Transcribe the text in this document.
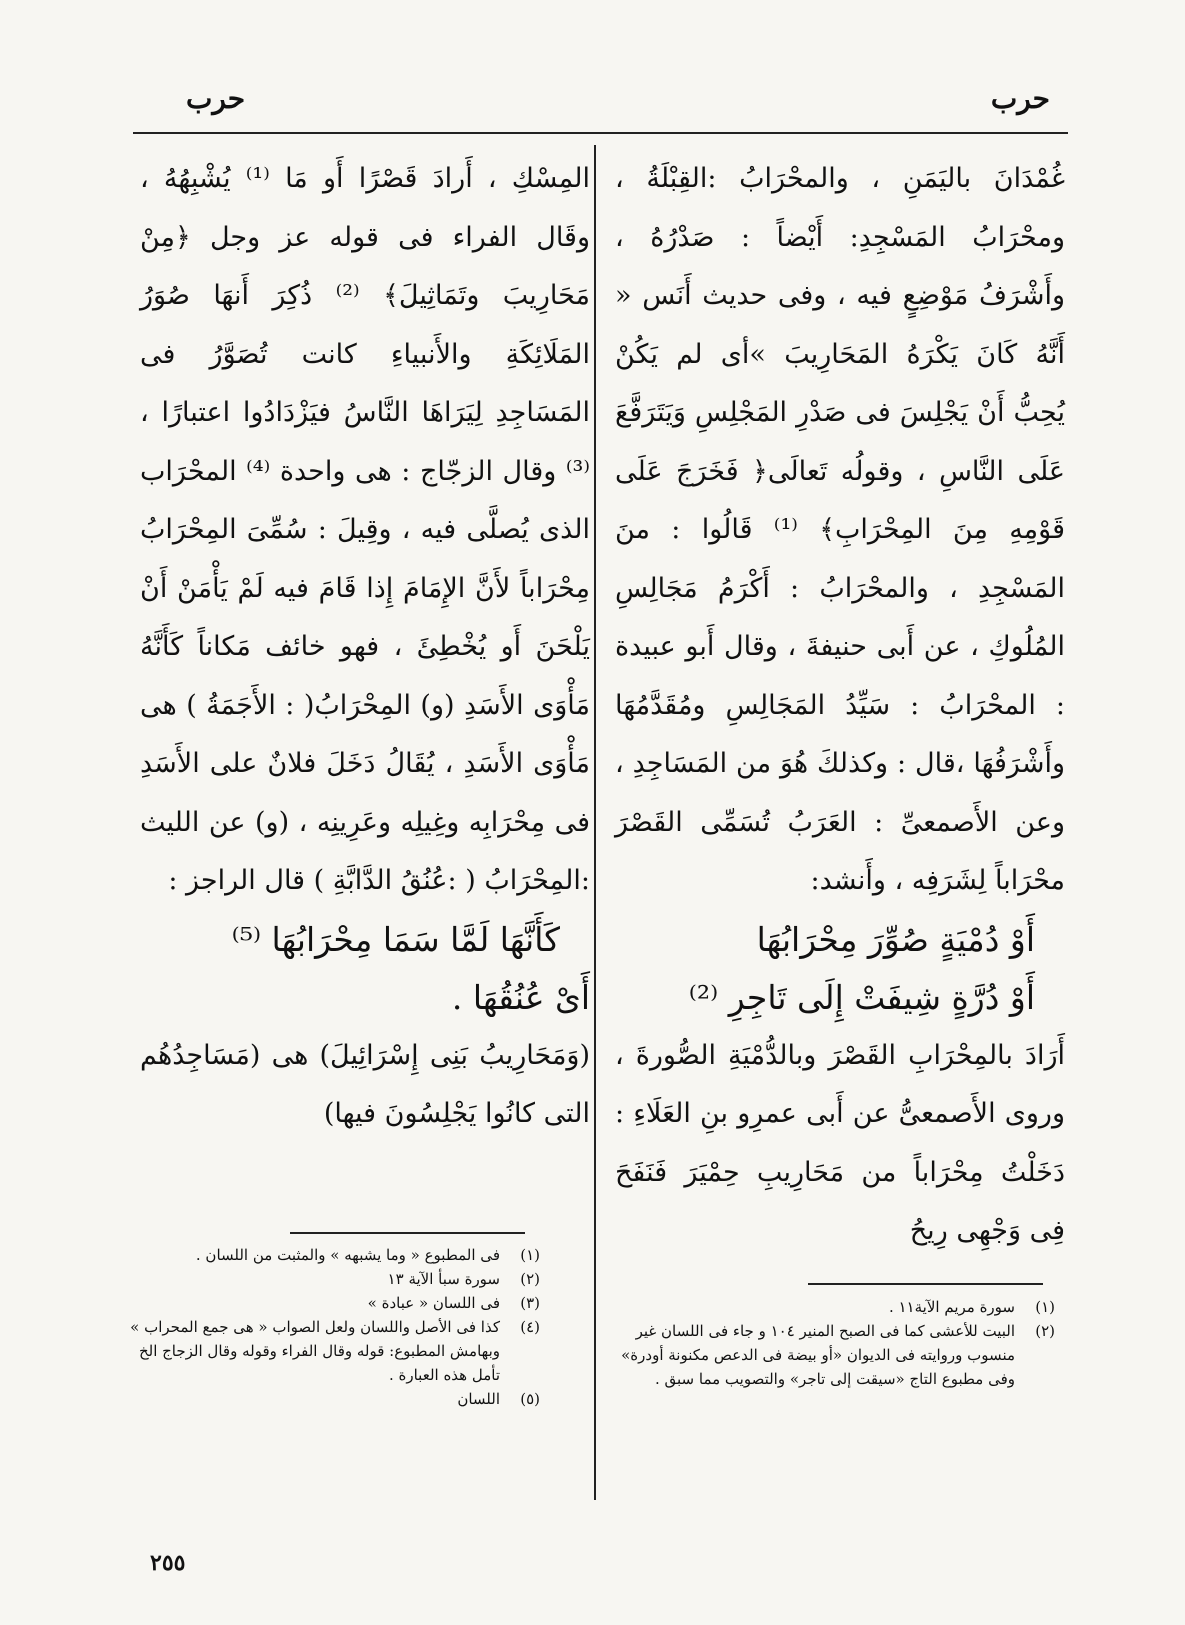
حرب
حرب

غُمْدَانَ باليَمَنِ ، والمحْرَابُ :القِبْلَةُ ، ومحْرَابُ المَسْجِدِ: أَيْضاً : صَدْرُهُ ، وأَشْرَفُ مَوْضِعٍ فيه ، وفى حديث أَنَس « أَنَّهُ كَانَ يَكْرَهُ المَحَارِيبَ »أى لم يَكُنْ يُحِبُّ أَنْ يَجْلِسَ فى صَدْرِ المَجْلِسِ وَيَتَرَفَّعَ عَلَى النَّاسِ ، وقولُه تَعالَى﴿ فَخَرَجَ عَلَى قَوْمِهِ مِنَ المِحْرَابِ﴾ ⁽¹⁾ قَالُوا : منَ المَسْجِدِ ، والمحْرَابُ : أَكْرَمُ مَجَالِسِ المُلُوكِ ، عن أَبى حنيفةَ ، وقال أَبو عبيدة : المحْرَابُ : سَيِّدُ المَجَالِسِ ومُقَدَّمُهَا وأَشْرَفُهَا ،قال : وكذلكَ هُوَ من المَسَاجِدِ ، وعن الأَصمعىِّ : العَرَبُ تُسَمِّى القَصْرَ محْرَاباً لِشَرَفِه ، وأَنشد:

أَوْ دُمْيَةٍ صُوِّرَ مِحْرَابُهَا

أَوْ دُرَّةٍ شِيفَتْ إِلَى تَاجِرِ ⁽²⁾

أَرَادَ بالمِحْرَابِ القَصْرَ وبالدُّمْيَةِ الصُّورةَ ، وروى الأَصمعىُّ عن أَبى عمرِو بنِ العَلَاءِ : دَخَلْتُ مِحْرَاباً من مَحَارِيبِ حِمْيَرَ فَنَفَحَ فِى وَجْهِى رِيحُ

المِسْكِ ، أَرادَ قَصْرًا أَو مَا ⁽¹⁾ يُشْبِهُهُ ، وقَال الفراء فى قوله عز وجل ﴿مِنْ مَحَارِيبَ وتَمَاثِيلَ﴾ ⁽²⁾ ذُكِرَ أَنهَا صُوَرُ المَلَائِكَةِ والأَنبياءِ كانت تُصَوَّرُ فى المَسَاجِدِ لِيَرَاهَا النَّاسُ فيَزْدَادُوا اعتبارًا ، ⁽³⁾ وقال الزجّاج : هى واحدة ⁽⁴⁾ المحْرَاب الذى يُصلَّى فيه ، وقِيلَ : سُمِّىَ المِحْرَابُ مِحْرَاباً لأَنَّ الإِمَامَ إِذا قَامَ فيه لَمْ يَأْمَنْ أَنْ يَلْحَنَ أَو يُخْطِئَ ، فهو خائف مَكاناً كَأَنَّهُ مَأْوَى الأَسَدِ (و) المِحْرَابُ( : الأَجَمَةُ ) هى مَأْوَى الأَسَدِ ، يُقَالُ دَخَلَ فلانٌ على الأَسَدِ فى مِحْرَابِه وغِيلِه وعَرِينِه ، (و) عن الليث :المِحْرَابُ ( :عُنُقُ الدَّابَّةِ ) قال الراجز :

كَأَنَّهَا لَمَّا سَمَا مِحْرَابُهَا ⁽⁵⁾

أَىْ عُنُقُهَا .

(وَمَحَارِيبُ بَنِى إِسْرَائِيلَ) هى (مَسَاجِدُهُم التى كانُوا يَجْلِسُونَ فيها)

(١)
سورة مريم الآية١١ .
(٢)
البيت للأعشى كما فى الصبح المنير ١٠٤ و جاء فى اللسان غير منسوب وروايته فى الديوان «أو بيضة فى الدعص مكنونة أودرة» وفى مطبوع التاج «سيقت إلى تاجر» والتصويب مما سبق .
(١)
فى المطبوع « وما يشبهه » والمثبت من اللسان .
(٢)
سورة سبأ الآية ١٣
(٣)
فى اللسان « عبادة »
(٤)
كذا فى الأصل واللسان ولعل الصواب « هى جمع المحراب » وبهامش المطبوع: قوله وقال الفراء وقوله وقال الزجاج الخ تأمل هذه العبارة .
(٥)
اللسان
٢٥٥
